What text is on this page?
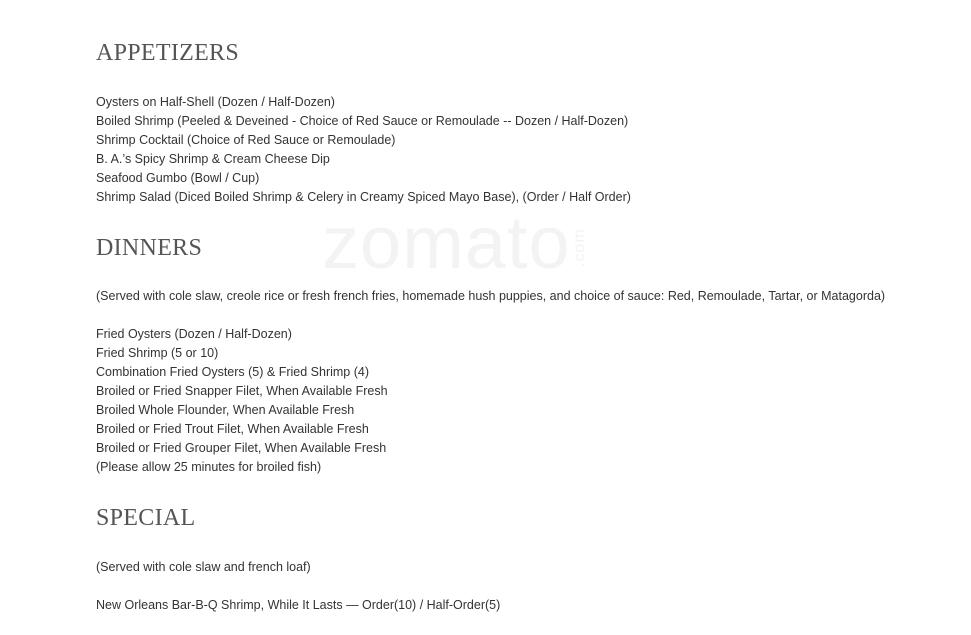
zomato.com
APPETIZERS
Oysters on Half-Shell (Dozen / Half-Dozen)
Boiled Shrimp (Peeled & Deveined - Choice of Red Sauce or Remoulade -- Dozen / Half-Dozen)
Shrimp Cocktail (Choice of Red Sauce or Remoulade)
B. A.’s Spicy Shrimp & Cream Cheese Dip
Seafood Gumbo (Bowl / Cup)
Shrimp Salad (Diced Boiled Shrimp & Celery in Creamy Spiced Mayo Base), (Order / Half Order)
DINNERS
(Served with cole slaw, creole rice or fresh french fries, homemade hush puppies, and choice of sauce: Red, Remoulade, Tartar, or Matagorda)
Fried Oysters (Dozen / Half-Dozen)
Fried Shrimp (5 or 10)
Combination Fried Oysters (5) & Fried Shrimp (4)
Broiled or Fried Snapper Filet, When Available Fresh
Broiled Whole Flounder, When Available Fresh
Broiled or Fried Trout Filet, When Available Fresh
Broiled or Fried Grouper Filet, When Available Fresh
(Please allow 25 minutes for broiled fish)
SPECIAL
(Served with cole slaw and french loaf)
New Orleans Bar-B-Q Shrimp, While It Lasts — Order(10) / Half-Order(5)
